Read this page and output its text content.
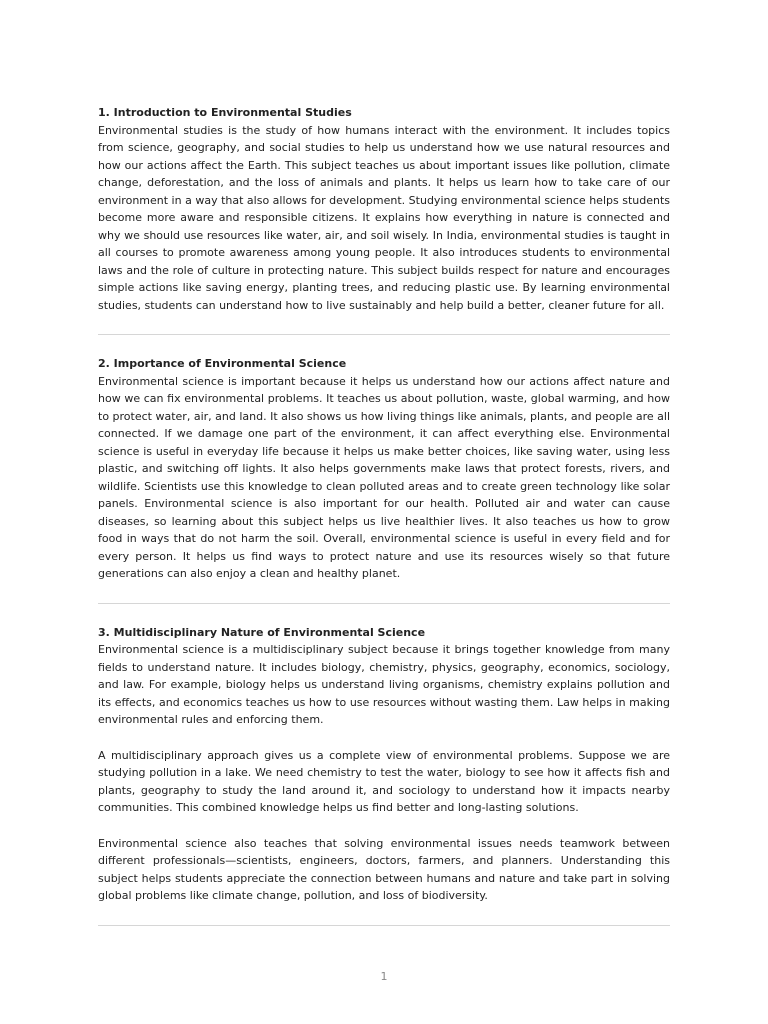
1. Introduction to Environmental Studies

Environmental studies is the study of how humans interact with the environment. It includes topics from science, geography, and social studies to help us understand how we use natural resources and how our actions affect the Earth. This subject teaches us about important issues like pollution, climate change, deforestation, and the loss of animals and plants. It helps us learn how to take care of our environment in a way that also allows for development. Studying environmental science helps students become more aware and responsible citizens. It explains how everything in nature is connected and why we should use resources like water, air, and soil wisely. In India, environmental studies is taught in all courses to promote awareness among young people. It also introduces students to environmental laws and the role of culture in protecting nature. This subject builds respect for nature and encourages simple actions like saving energy, planting trees, and reducing plastic use. By learning environmental studies, students can understand how to live sustainably and help build a better, cleaner future for all.

2. Importance of Environmental Science

Environmental science is important because it helps us understand how our actions affect nature and how we can fix environmental problems. It teaches us about pollution, waste, global warming, and how to protect water, air, and land. It also shows us how living things like animals, plants, and people are all connected. If we damage one part of the environment, it can affect everything else. Environmental science is useful in everyday life because it helps us make better choices, like saving water, using less plastic, and switching off lights. It also helps governments make laws that protect forests, rivers, and wildlife. Scientists use this knowledge to clean polluted areas and to create green technology like solar panels. Environmental science is also important for our health. Polluted air and water can cause diseases, so learning about this subject helps us live healthier lives. It also teaches us how to grow food in ways that do not harm the soil. Overall, environmental science is useful in every field and for every person. It helps us find ways to protect nature and use its resources wisely so that future generations can also enjoy a clean and healthy planet.

3. Multidisciplinary Nature of Environmental Science

Environmental science is a multidisciplinary subject because it brings together knowledge from many fields to understand nature. It includes biology, chemistry, physics, geography, economics, sociology, and law. For example, biology helps us understand living organisms, chemistry explains pollution and its effects, and economics teaches us how to use resources without wasting them. Law helps in making environmental rules and enforcing them.

A multidisciplinary approach gives us a complete view of environmental problems. Suppose we are studying pollution in a lake. We need chemistry to test the water, biology to see how it affects fish and plants, geography to study the land around it, and sociology to understand how it impacts nearby communities. This combined knowledge helps us find better and long-lasting solutions.

Environmental science also teaches that solving environmental issues needs teamwork between different professionals—scientists, engineers, doctors, farmers, and planners. Understanding this subject helps students appreciate the connection between humans and nature and take part in solving global problems like climate change, pollution, and loss of biodiversity.

1
